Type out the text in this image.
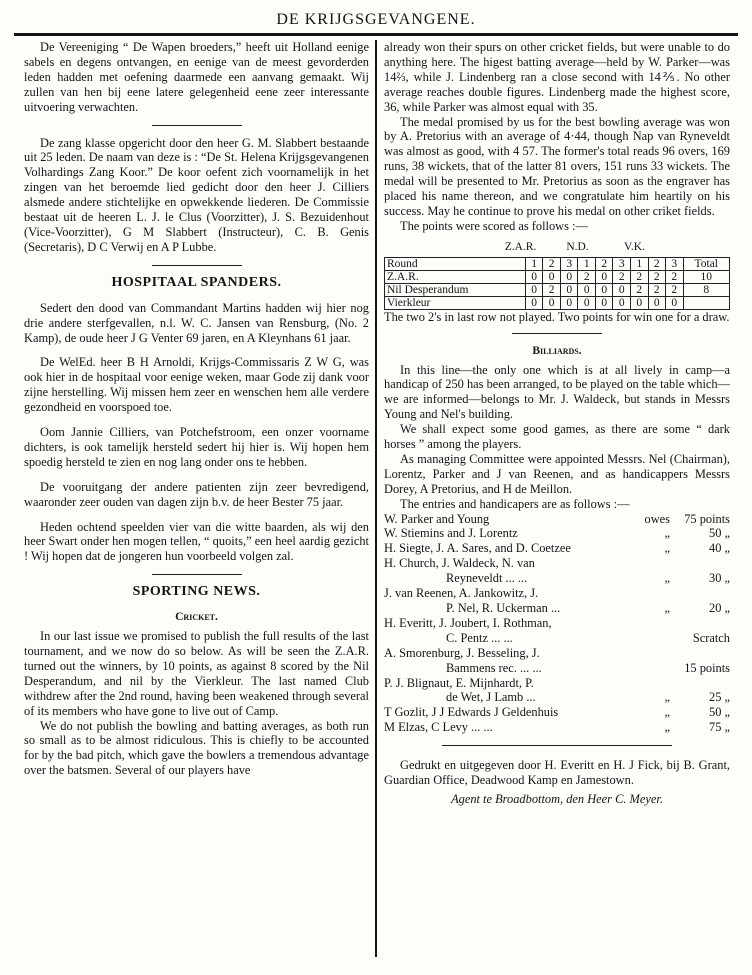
DE KRIJGSGEVANGENE.

De Vereeniging “ De Wapen broeders,” heeft uit Holland eenige sabels en degens ontvangen, en eenige van de meest gevorderden leden hadden met oefening daarmede een aanvang gemaakt. Wij zullen van hen bij eene latere gelegenheid eene zeer interessante uitvoering verwachten.

De zang klasse opgericht door den heer G. M. Slabbert bestaande uit 25 leden. De naam van deze is : “De St. Helena Krijgsgevangenen Volhardings Zang Koor.” De koor oefent zich voornamelijk in het zingen van het beroemde lied gedicht door den heer J. Cilliers alsmede andere stichtelijke en opwekkende liederen. De Commissie bestaat uit de heeren L. J. le Clus (Voorzitter), J. S. Bezuidenhout (Vice-Voorzitter), G M Slabbert (Instructeur), C. B. Genis (Secretaris), D C Verwij en A P Lubbe.

HOSPITAAL SPANDERS.

Sedert den dood van Commandant Martins hadden wij hier nog drie andere sterfgevallen, n.l. W. C. Jansen van Rensburg, (No. 2 Kamp), de oude heer J G Venter 69 jaren, en A Kleynhans 61 jaar.

De WelEd. heer B H Arnoldi, Krijgs-Commissaris Z W G, was ook hier in de hospitaal voor eenige weken, maar Gode zij dank voor zijne herstelling. Wij missen hem zeer en wenschen hem alle verdere gezondheid en voorspoed toe.

Oom Jannie Cilliers, van Potchefstroom, een onzer voorname dichters, is ook tamelijk hersteld sedert hij hier is. Wij hopen hem spoedig hersteld te zien en nog lang onder ons te hebben.

De vooruitgang der andere patienten zijn zeer bevredigend, waaronder zeer ouden van dagen zijn b.v. de heer Bester 75 jaar.

Heden ochtend speelden vier van die witte baarden, als wij den heer Swart onder hen mogen tellen, “ quoits,” een heel aardig gezicht ! Wij hopen dat de jongeren hun voorbeeld volgen zal.

SPORTING NEWS.
Cricket.

In our last issue we promised to publish the full results of the last tournament, and we now do so below. As will be seen the Z.A.R. turned out the winners, by 10 points, as against 8 scored by the Nil Desperandum, and nil by the Vierkleur. The last named Club withdrew after the 2nd round, having been weakened through several of its members who have gone to live out of Camp.

We do not publish the bowling and batting averages, as both run so small as to be almost ridiculous. This is chiefly to be accounted for by the bad pitch, which gave the bowlers a tremendous advantage over the batsmen. Several of our players have

already won their spurs on other cricket fields, but were unable to do anything here. The higest batting average—held by W. Parker—was 14⅔, while J. Lindenberg ran a close second with 14⅖. No other average reaches double figures. Lindenberg made the highest score, 36, while Parker was almost equal with 35.

The medal promised by us for the best bowling average was won by A. Pretorius with an average of 4·44, though Nap van Ryneveldt was almost as good, with 4 57. The former's total reads 96 overs, 169 runs, 38 wickets, that of the latter 81 overs, 151 runs 33 wickets. The medal will be presented to Mr. Pretorius as soon as the engraver has placed his name thereon, and we congratulate him heartily on his success. May he continue to prove his medal on other criket fields.

The points were scored as follows :—

Z.A.R.	N.D.	V.K.
Round	1	2	3	1	2	3	1	2	3	Total
Z.A.R.	0	0	0	2	0	2	2	2	2	10
Nil Desperandum	0	2	0	0	0	0	2	2	2	8
Vierkleur	0	0	0	0	0	0	0	0	0	

The two 2's in last row not played. Two points for win one for a draw.

Billiards.

In this line—the only one which is at all lively in camp—a handicap of 250 has been arranged, to be played on the table which—we are informed—belongs to Mr. J. Waldeck, but stands in Messrs Young and Nel's building.

We shall expect some good games, as there are some “ dark horses ” among the players.

As managing Committee were appointed Messrs. Nel (Chairman), Lorentz, Parker and J van Reenen, and as handicappers Messrs Dorey, A Pretorius, and H de Meillon.

The entries and handicapers are as follows :—

W. Parker and Young	owes	75 points
W. Stiemins and J. Lorentz	„	50 „
H. Siegte, J. A. Sares, and D. Coetzee	„	40 „
H. Church, J. Waldeck, N. van
Reyneveldt ... ...	„	30 „
J. van Reenen, A. Jankowitz, J.
P. Nel, R. Uckerman ...	„	20 „
H. Everitt, J. Joubert, I. Rothman,
C. Pentz ... ...	Scratch
A. Smorenburg, J. Besseling, J.
Bammens rec. ... ...	15 points
P. J. Blignaut, E. Mijnhardt, P.
de Wet, J Lamb ...	„	25 „
T Gozlit, J J Edwards J Geldenhuis	„	50 „
M Elzas, C Levy ... ...	„	75 „

Gedrukt en uitgegeven door H. Everitt en H. J Fick, bij B. Grant, Guardian Office, Deadwood Kamp en Jamestown.

Agent te Broadbottom, den Heer C. Meyer.
